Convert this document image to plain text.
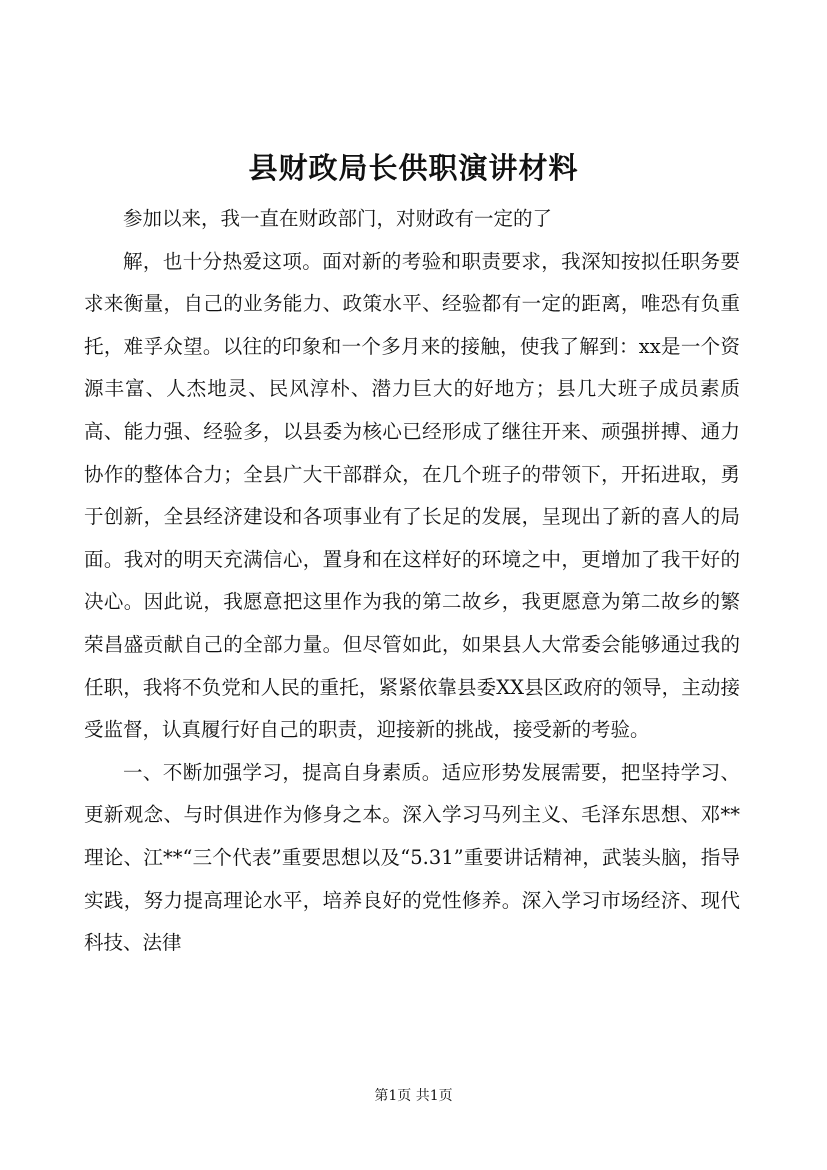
县财政局长供职演讲材料

参加以来，我一直在财政部门，对财政有一定的了

解，也十分热爱这项。面对新的考验和职责要求，我深知按拟任职务要求来衡量，自己的业务能力、政策水平、经验都有一定的距离，唯恐有负重托，难孚众望。以往的印象和一个多月来的接触，使我了解到：xx是一个资源丰富、人杰地灵、民风淳朴、潜力巨大的好地方；县几大班子成员素质高、能力强、经验多，以县委为核心已经形成了继往开来、顽强拼搏、通力协作的整体合力；全县广大干部群众，在几个班子的带领下，开拓进取，勇于创新，全县经济建设和各项事业有了长足的发展，呈现出了新的喜人的局面。我对的明天充满信心，置身和在这样好的环境之中，更增加了我干好的决心。因此说，我愿意把这里作为我的第二故乡，我更愿意为第二故乡的繁荣昌盛贡献自己的全部力量。但尽管如此，如果县人大常委会能够通过我的任职，我将不负党和人民的重托，紧紧依靠县委XX县区政府的领导，主动接受监督，认真履行好自己的职责，迎接新的挑战，接受新的考验。

一、不断加强学习，提高自身素质。适应形势发展需要，把坚持学习、更新观念、与时俱进作为修身之本。深入学习马列主义、毛泽东思想、邓**理论、江**“三个代表”重要思想以及“5.31”重要讲话精神，武装头脑，指导实践，努力提高理论水平，培养良好的党性修养。深入学习市场经济、现代科技、法律

第1页 共1页
